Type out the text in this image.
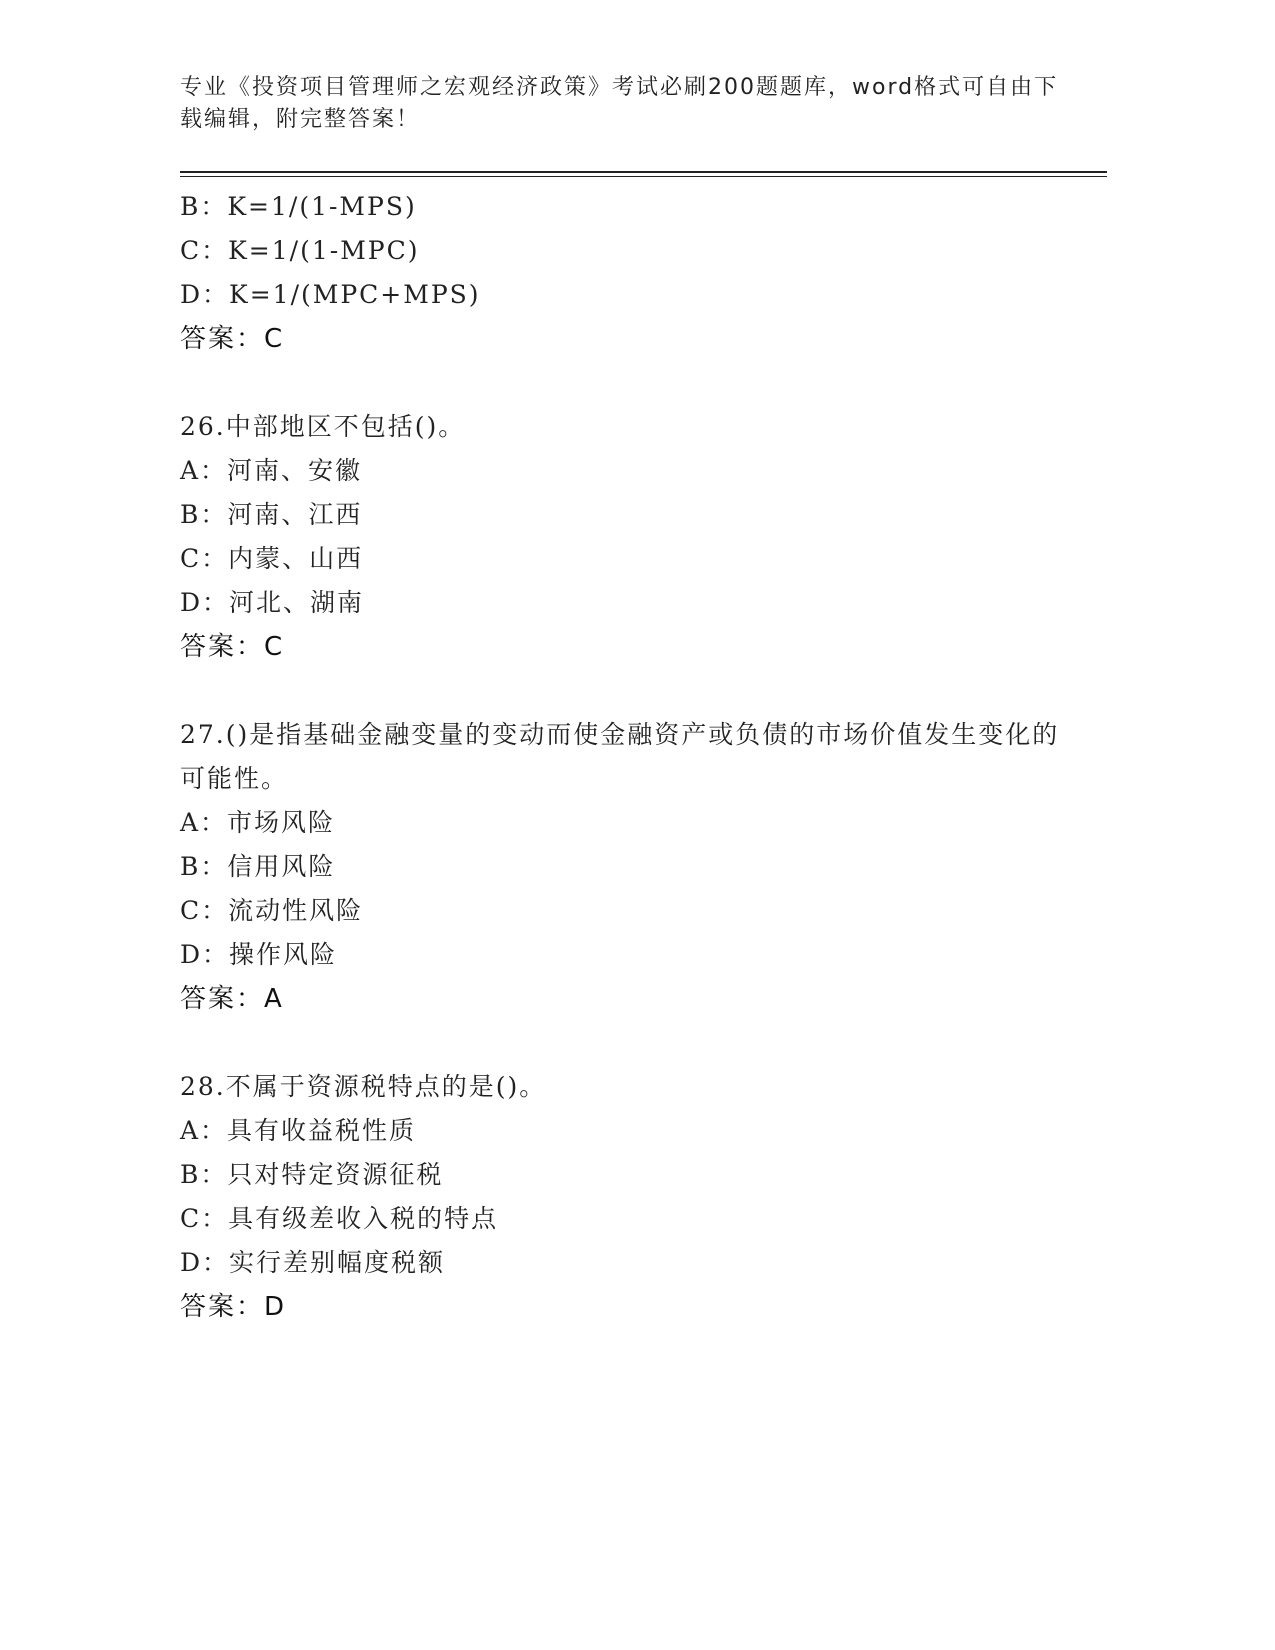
专业《投资项目管理师之宏观经济政策》考试必刷200题题库，word格式可自由下载编辑，附完整答案！
B：K=1/(1-MPS)
C：K=1/(1-MPC)
D：K=1/(MPC+MPS)
答案：C
26.中部地区不包括()。
A：河南、安徽
B：河南、江西
C：内蒙、山西
D：河北、湖南
答案：C
27.()是指基础金融变量的变动而使金融资产或负债的市场价值发生变化的可能性。
A：市场风险
B：信用风险
C：流动性风险
D：操作风险
答案：A
28.不属于资源税特点的是()。
A：具有收益税性质
B：只对特定资源征税
C：具有级差收入税的特点
D：实行差别幅度税额
答案：D
